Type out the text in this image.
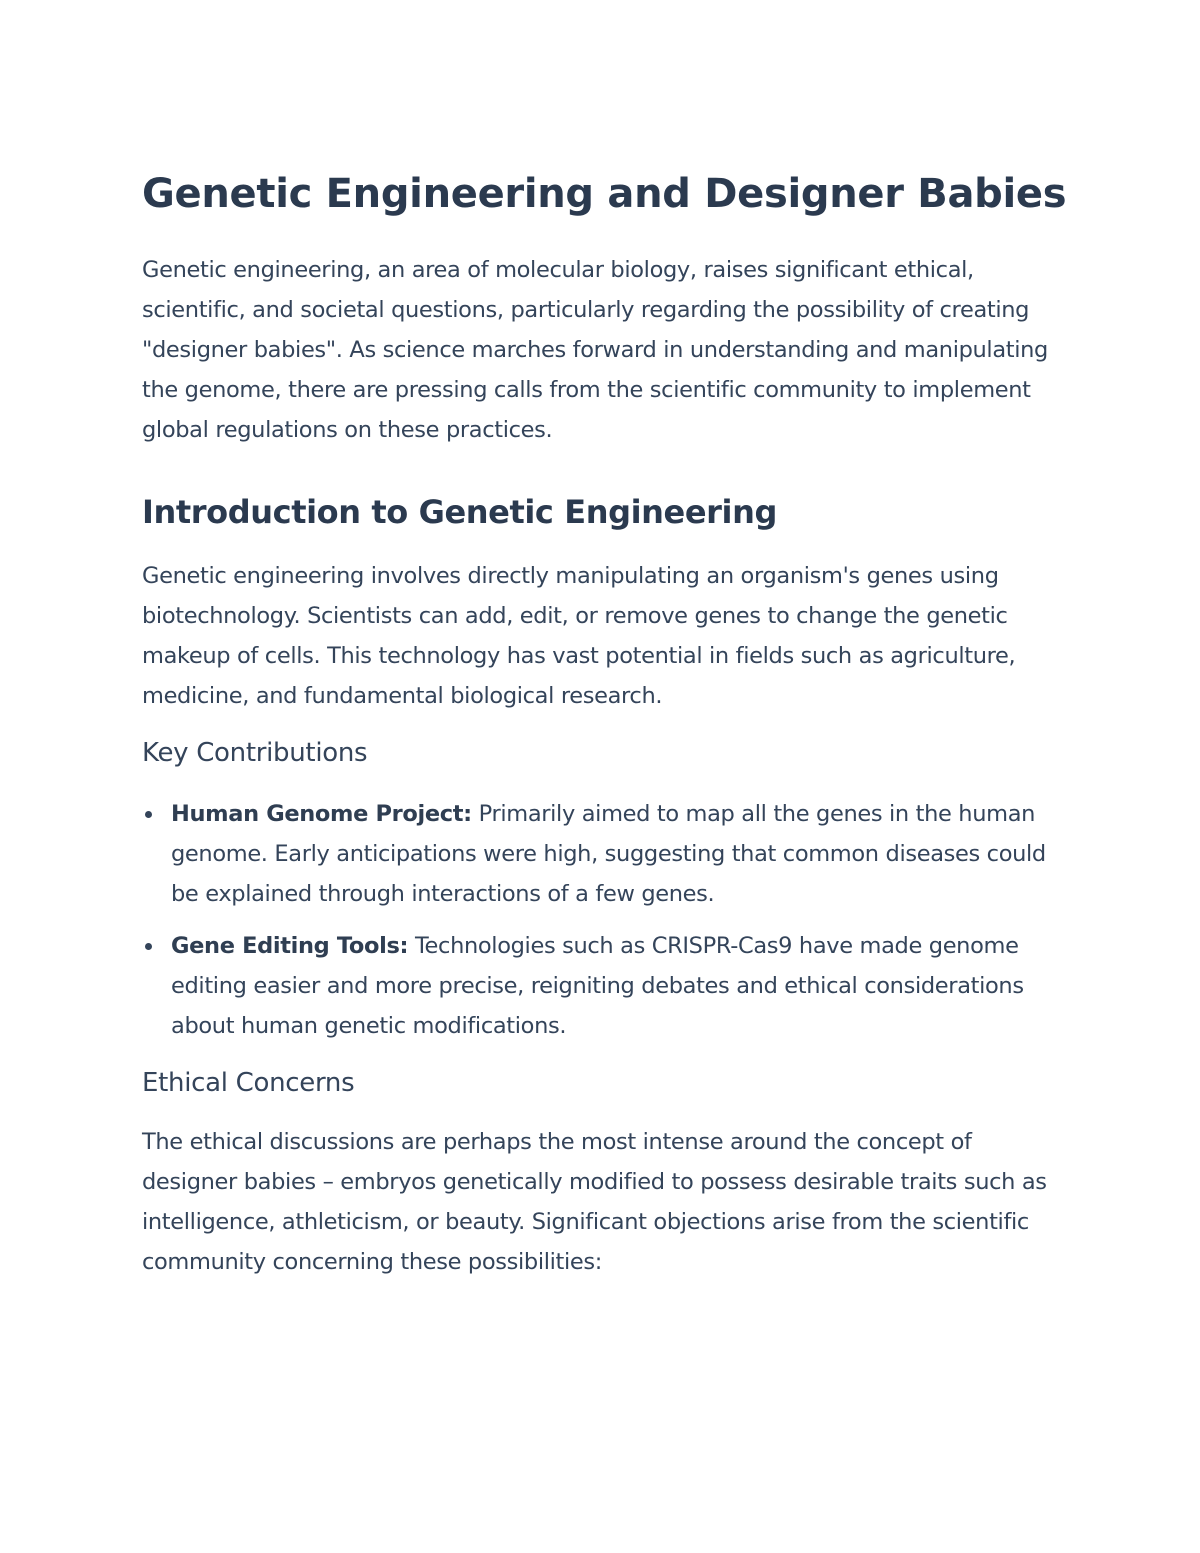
Genetic Engineering and Designer Babies

Genetic engineering, an area of molecular biology, raises significant ethical, scientific, and societal questions, particularly regarding the possibility of creating "designer babies". As science marches forward in understanding and manipulating the genome, there are pressing calls from the scientific community to implement global regulations on these practices.

Introduction to Genetic Engineering

Genetic engineering involves directly manipulating an organism's genes using biotechnology. Scientists can add, edit, or remove genes to change the genetic makeup of cells. This technology has vast potential in fields such as agriculture, medicine, and fundamental biological research.

Key Contributions
Human Genome Project: Primarily aimed to map all the genes in the human genome. Early anticipations were high, suggesting that common diseases could be explained through interactions of a few genes.
Gene Editing Tools: Technologies such as CRISPR-Cas9 have made genome editing easier and more precise, reigniting debates and ethical considerations about human genetic modifications.
Ethical Concerns

The ethical discussions are perhaps the most intense around the concept of designer babies – embryos genetically modified to possess desirable traits such as intelligence, athleticism, or beauty. Significant objections arise from the scientific community concerning these possibilities:
